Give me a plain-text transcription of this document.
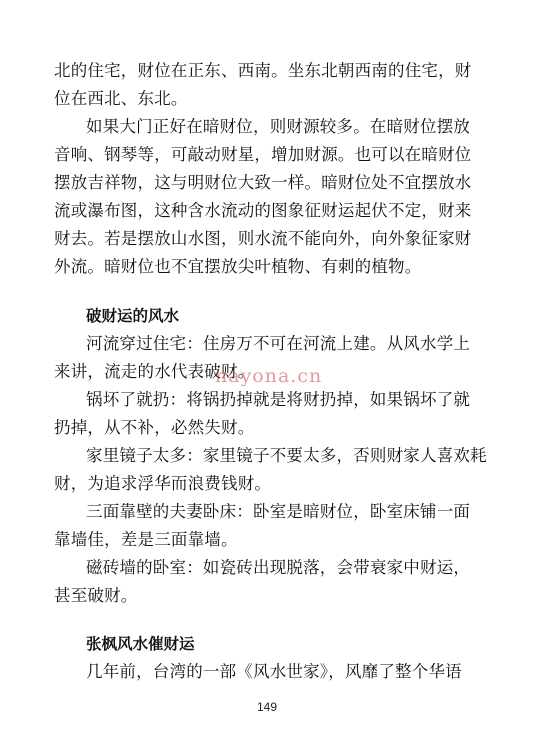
北的住宅，财位在正东、西南。坐东北朝西南的住宅，财
位在西北、东北。
如果大门正好在暗财位，则财源较多。在暗财位摆放
音响、钢琴等，可敲动财星，增加财源。也可以在暗财位
摆放吉祥物，这与明财位大致一样。暗财位处不宜摆放水
流或瀑布图，这种含水流动的图象征财运起伏不定，财来
财去。若是摆放山水图，则水流不能向外，向外象征家财
外流。暗财位也不宜摆放尖叶植物、有刺的植物。
破财运的风水
河流穿过住宅：住房万不可在河流上建。从风水学上
来讲，流走的水代表破财。
锅坏了就扔：将锅扔掉就是将财扔掉，如果锅坏了就
扔掉，从不补，必然失财。
家里镜子太多：家里镜子不要太多，否则财家人喜欢耗
财，为追求浮华而浪费钱财。
三面靠壁的夫妻卧床：卧室是暗财位，卧室床铺一面
靠墙佳，差是三面靠墙。
磁砖墙的卧室：如瓷砖出现脱落，会带衰家中财运，
甚至破财。
张枫风水催财运
几年前，台湾的一部《风水世家》，风靡了整个华语
nayona.cn
149
